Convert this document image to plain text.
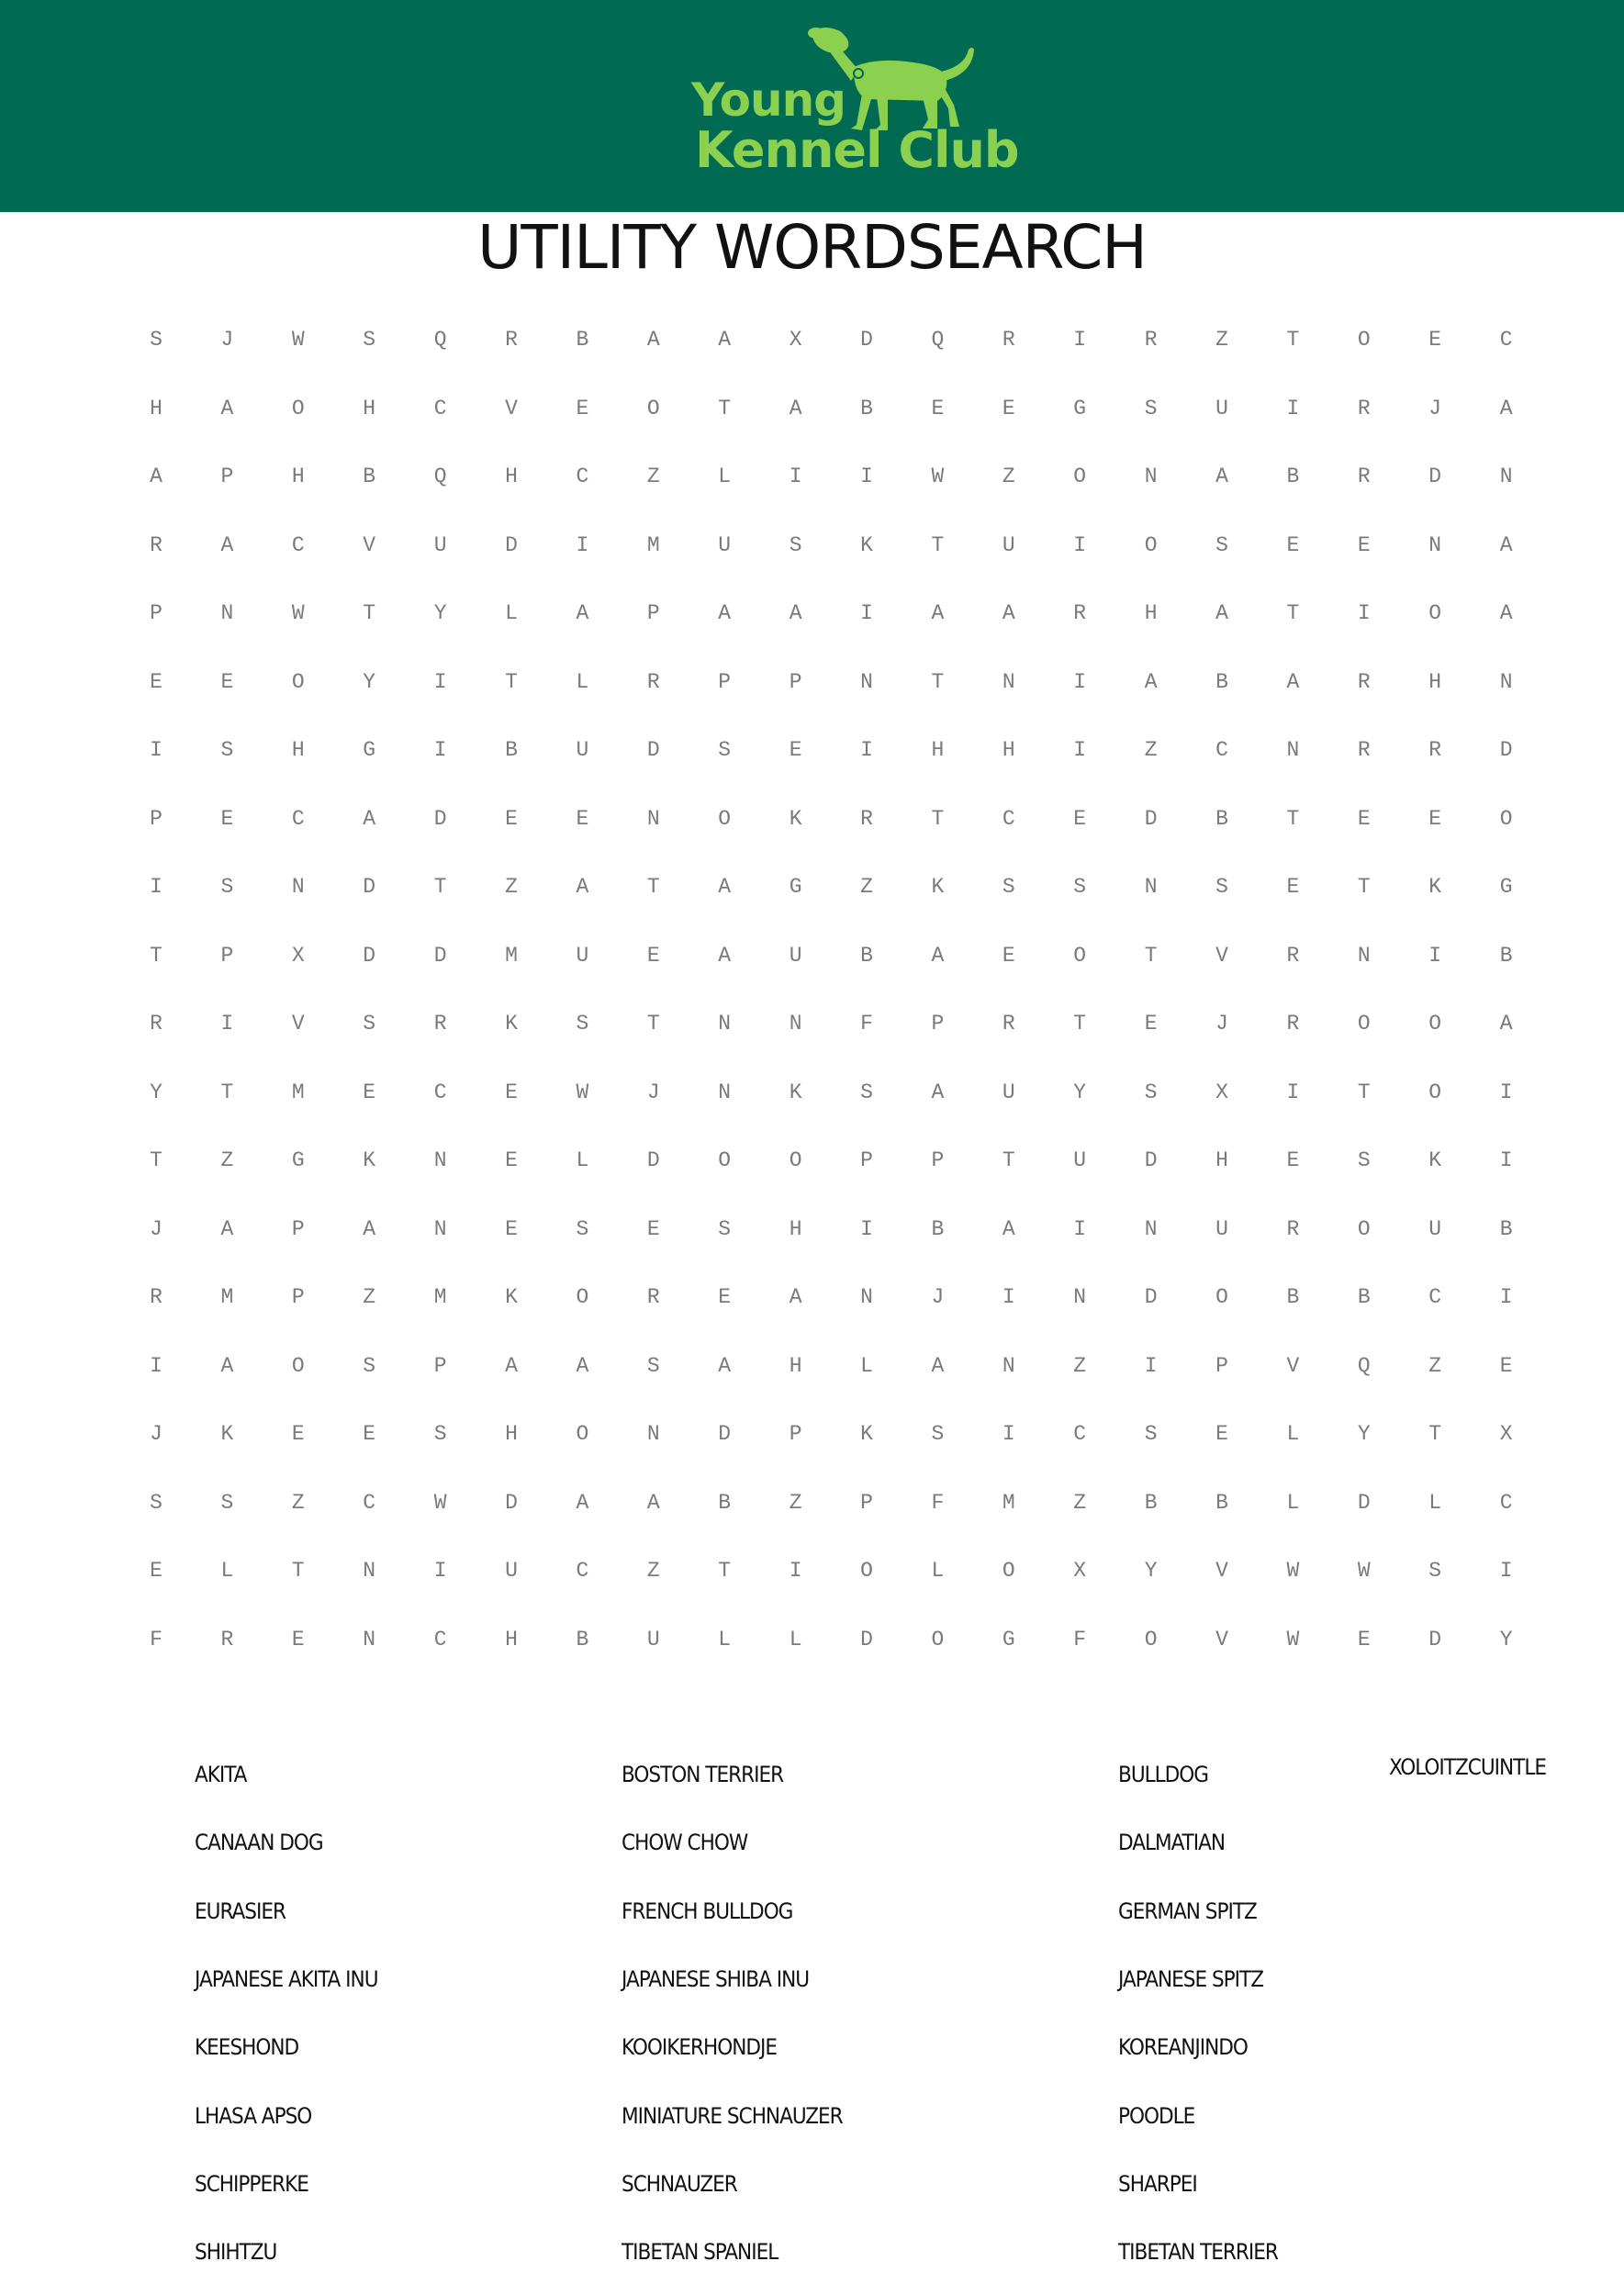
Young
Kennel Club
UTILITY WORDSEARCH
S	J	W	S	Q	R	B	A	A	X	D	Q	R	I	R	Z	T	O	E	C
H	A	O	H	C	V	E	O	T	A	B	E	E	G	S	U	I	R	J	A
A	P	H	B	Q	H	C	Z	L	I	I	W	Z	O	N	A	B	R	D	N
R	A	C	V	U	D	I	M	U	S	K	T	U	I	O	S	E	E	N	A
P	N	W	T	Y	L	A	P	A	A	I	A	A	R	H	A	T	I	O	A
E	E	O	Y	I	T	L	R	P	P	N	T	N	I	A	B	A	R	H	N
I	S	H	G	I	B	U	D	S	E	I	H	H	I	Z	C	N	R	R	D
P	E	C	A	D	E	E	N	O	K	R	T	C	E	D	B	T	E	E	O
I	S	N	D	T	Z	A	T	A	G	Z	K	S	S	N	S	E	T	K	G
T	P	X	D	D	M	U	E	A	U	B	A	E	O	T	V	R	N	I	B
R	I	V	S	R	K	S	T	N	N	F	P	R	T	E	J	R	O	O	A
Y	T	M	E	C	E	W	J	N	K	S	A	U	Y	S	X	I	T	O	I
T	Z	G	K	N	E	L	D	O	O	P	P	T	U	D	H	E	S	K	I
J	A	P	A	N	E	S	E	S	H	I	B	A	I	N	U	R	O	U	B
R	M	P	Z	M	K	O	R	E	A	N	J	I	N	D	O	B	B	C	I
I	A	O	S	P	A	A	S	A	H	L	A	N	Z	I	P	V	Q	Z	E
J	K	E	E	S	H	O	N	D	P	K	S	I	C	S	E	L	Y	T	X
S	S	Z	C	W	D	A	A	B	Z	P	F	M	Z	B	B	L	D	L	C
E	L	T	N	I	U	C	Z	T	I	O	L	O	X	Y	V	W	W	S	I
F	R	E	N	C	H	B	U	L	L	D	O	G	F	O	V	W	E	D	Y
AKITA
CANAAN DOG
EURASIER
JAPANESE AKITA INU
KEESHOND
LHASA APSO
SCHIPPERKE
SHIHTZU
BOSTON TERRIER
CHOW CHOW
FRENCH BULLDOG
JAPANESE SHIBA INU
KOOIKERHONDJE
MINIATURE SCHNAUZER
SCHNAUZER
TIBETAN SPANIEL
BULLDOG
DALMATIAN
GERMAN SPITZ
JAPANESE SPITZ
KOREANJINDO
POODLE
SHARPEI
TIBETAN TERRIER
XOLOITZCUINTLE
